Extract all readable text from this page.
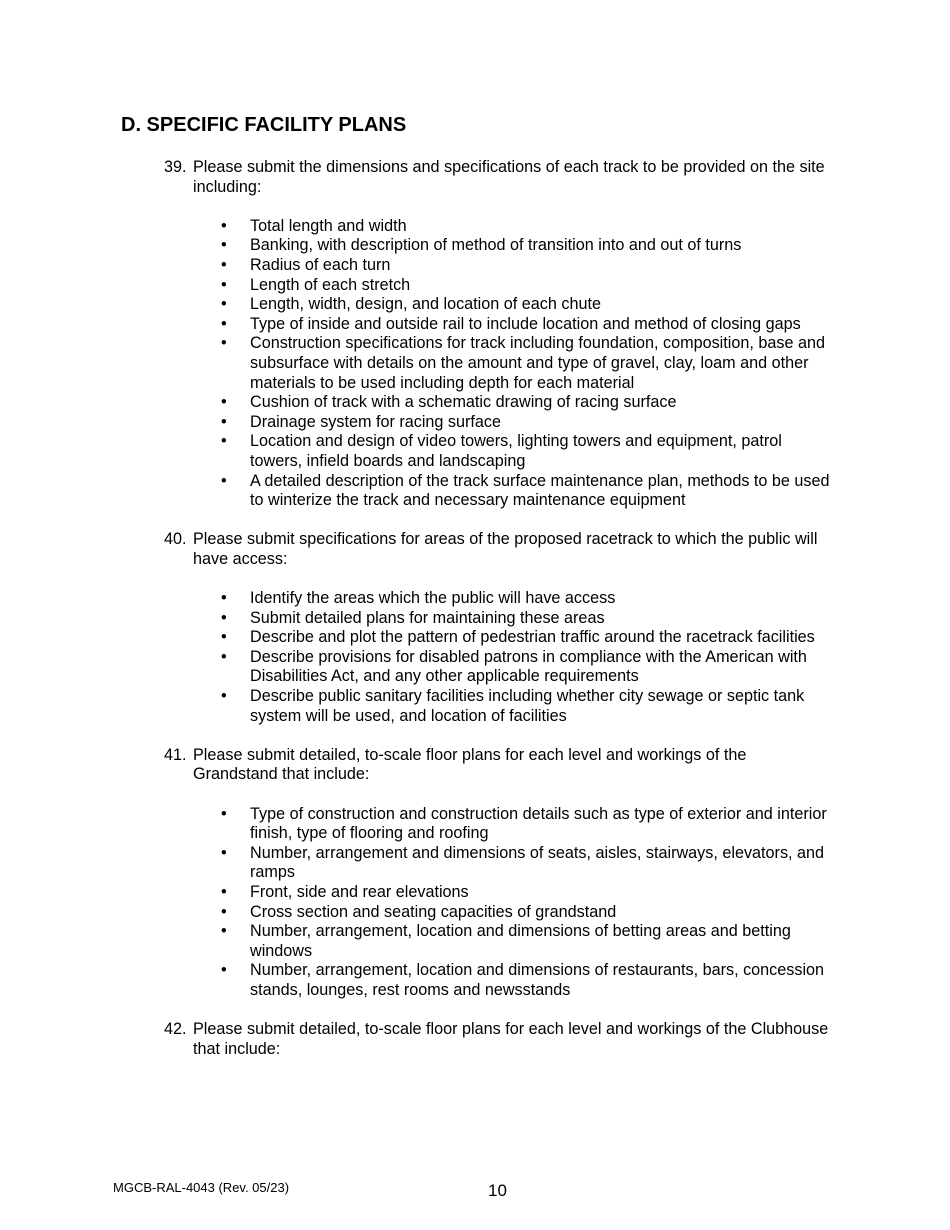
D. SPECIFIC FACILITY PLANS
39. Please submit the dimensions and specifications of each track to be provided on the site including:
•	Total length and width
•	Banking, with description of method of transition into and out of turns
•	Radius of each turn
•	Length of each stretch
•	Length, width, design, and location of each chute
•	Type of inside and outside rail to include location and method of closing gaps
•	Construction specifications for track including foundation, composition, base and subsurface with details on the amount and type of gravel, clay, loam and other materials to be used including depth for each material
•	Cushion of track with a schematic drawing of racing surface
•	Drainage system for racing surface
•	Location and design of video towers, lighting towers and equipment, patrol towers, infield boards and landscaping
•	A detailed description of the track surface maintenance plan, methods to be used to winterize the track and necessary maintenance equipment
40. Please submit specifications for areas of the proposed racetrack to which the public will have access:
•	Identify the areas which the public will have access
•	Submit detailed plans for maintaining these areas
•	Describe and plot the pattern of pedestrian traffic around the racetrack facilities
•	Describe provisions for disabled patrons in compliance with the American with Disabilities Act, and any other applicable requirements
•	Describe public sanitary facilities including whether city sewage or septic tank system will be used, and location of facilities
41. Please submit detailed, to-scale floor plans for each level and workings of the Grandstand that include:
•	Type of construction and construction details such as type of exterior and interior finish, type of flooring and roofing
•	Number, arrangement and dimensions of seats, aisles, stairways, elevators, and ramps
•	Front, side and rear elevations
•	Cross section and seating capacities of grandstand
•	Number, arrangement, location and dimensions of betting areas and betting windows
•	Number, arrangement, location and dimensions of restaurants, bars, concession stands, lounges, rest rooms and newsstands
42. Please submit detailed, to-scale floor plans for each level and workings of the Clubhouse that include:
MGCB-RAL-4043 (Rev. 05/23)	10
